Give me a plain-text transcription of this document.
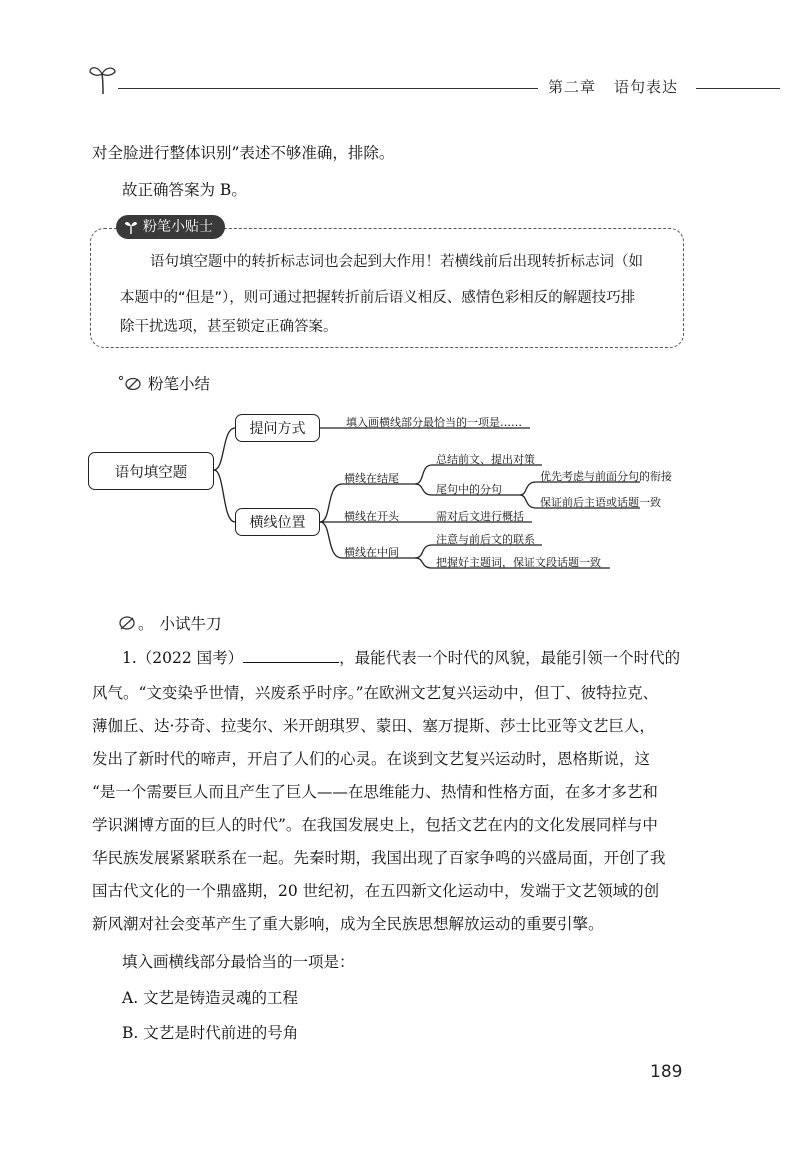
第二章 语句表达
对全脸进行整体识别”表述不够准确，排除。
故正确答案为 B。
粉笔小贴士
语句填空题中的转折标志词也会起到大作用！若横线前后出现转折标志词（如
本题中的“但是”），则可通过把握转折前后语义相反、感情色彩相反的解题技巧排
除干扰选项，甚至锁定正确答案。
粉笔小结
语句填空题
提问方式
横线位置
填入画横线部分最恰当的一项是……
横线在结尾
总结前文、提出对策
尾句中的分句
优先考虑与前面分句的衔接
保证前后主语或话题一致
横线在开头	需对后文进行概括
横线在中间
注意与前后文的联系
把握好主题词，保证文段话题一致
。 小试牛刀
1.（2022 国考）	，最能代表一个时代的风貌，最能引领一个时代的
风气。“文变染乎世情，兴废系乎时序。”在欧洲文艺复兴运动中，但丁、彼特拉克、
薄伽丘、达·芬奇、拉斐尔、米开朗琪罗、蒙田、塞万提斯、莎士比亚等文艺巨人，
发出了新时代的啼声，开启了人们的心灵。在谈到文艺复兴运动时，恩格斯说，这
“是一个需要巨人而且产生了巨人——在思维能力、热情和性格方面，在多才多艺和
学识渊博方面的巨人的时代”。在我国发展史上，包括文艺在内的文化发展同样与中
华民族发展紧紧联系在一起。先秦时期，我国出现了百家争鸣的兴盛局面，开创了我
国古代文化的一个鼎盛期，20 世纪初，在五四新文化运动中，发端于文艺领域的创
新风潮对社会变革产生了重大影响，成为全民族思想解放运动的重要引擎。
填入画横线部分最恰当的一项是：
A. 文艺是铸造灵魂的工程
B. 文艺是时代前进的号角
189
